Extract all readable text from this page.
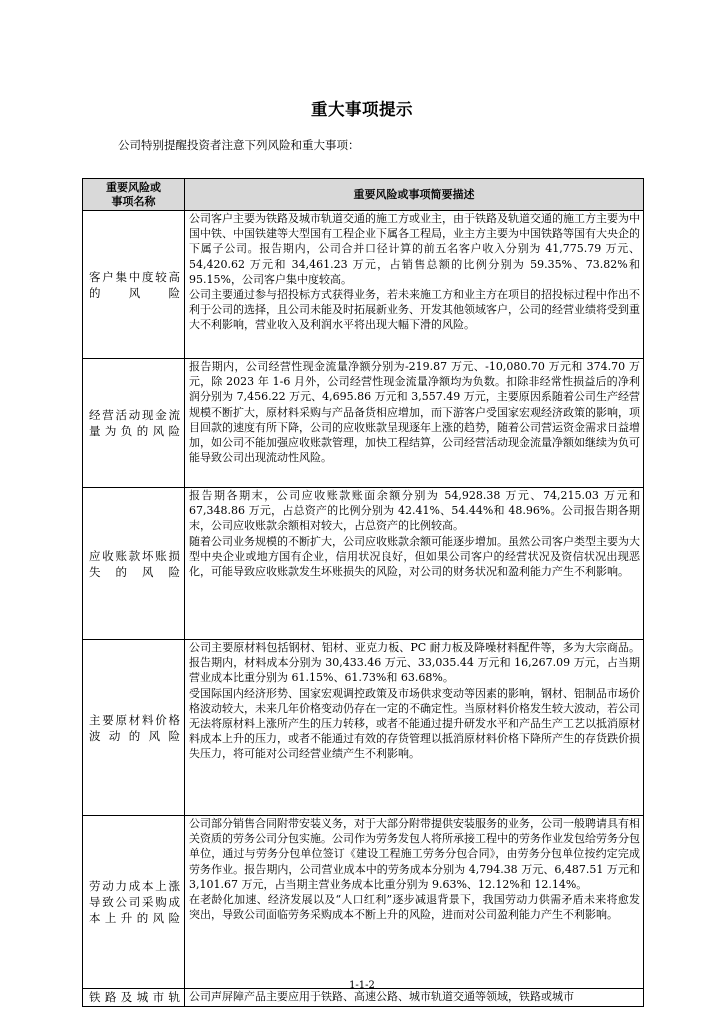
重大事项提示
公司特别提醒投资者注意下列风险和重大事项：
重要风险或事项名称	重要风险或事项简要描述
客户集中度较高的风险	公司客户主要为铁路及城市轨道交通的施工方或业主，由于铁路及轨道交通的施工方主要为中国中铁、中国铁建等大型国有工程企业下属各工程局，业主方主要为中国铁路等国有大央企的下属子公司。报告期内，公司合并口径计算的前五名客户收入分别为 41,775.79 万元、54,420.62 万元和 34,461.23 万元，占销售总额的比例分别为 59.35%、73.82%和 95.15%，公司客户集中度较高。

公司主要通过参与招投标方式获得业务，若未来施工方和业主方在项目的招投标过程中作出不利于公司的选择，且公司未能及时拓展新业务、开发其他领域客户，公司的经营业绩将受到重大不利影响，营业收入及利润水平将出现大幅下滑的风险。

经营活动现金流量为负的风险	报告期内，公司经营性现金流量净额分别为-219.87 万元、-10,080.70 万元和 374.70 万元，除 2023 年 1-6 月外，公司经营性现金流量净额均为负数。扣除非经常性损益后的净利润分别为 7,456.22 万元、4,695.86 万元和 3,557.49 万元，主要原因系随着公司生产经营规模不断扩大，原材料采购与产品备货相应增加，而下游客户受国家宏观经济政策的影响，项目回款的速度有所下降，公司的应收账款呈现逐年上涨的趋势，随着公司营运资金需求日益增加，如公司不能加强应收账款管理，加快工程结算，公司经营活动现金流量净额如继续为负可能导致公司出现流动性风险。

应收账款坏账损失的风险	报告期各期末，公司应收账款账面余额分别为 54,928.38 万元、74,215.03 万元和 67,348.86 万元，占总资产的比例分别为 42.41%、54.44%和 48.96%。公司报告期各期末，公司应收账款余额相对较大，占总资产的比例较高。

随着公司业务规模的不断扩大，公司应收账款余额可能逐步增加。虽然公司客户类型主要为大型中央企业或地方国有企业，信用状况良好，但如果公司客户的经营状况及资信状况出现恶化，可能导致应收账款发生坏账损失的风险，对公司的财务状况和盈利能力产生不利影响。

主要原材料价格波动的风险	公司主要原材料包括钢材、铝材、亚克力板、PC 耐力板及降噪材料配件等，多为大宗商品。报告期内，材料成本分别为 30,433.46 万元、33,035.44 万元和 16,267.09 万元，占当期营业成本比重分别为 61.15%、61.73%和 63.68%。

受国际国内经济形势、国家宏观调控政策及市场供求变动等因素的影响，钢材、铝制品市场价格波动较大，未来几年价格变动仍存在一定的不确定性。当原材料价格发生较大波动，若公司无法将原材料上涨所产生的压力转移，或者不能通过提升研发水平和产品生产工艺以抵消原材料成本上升的压力，或者不能通过有效的存货管理以抵消原材料价格下降所产生的存货跌价损失压力，将可能对公司经营业绩产生不利影响。

劳动力成本上涨导致公司采购成本上升的风险	公司部分销售合同附带安装义务，对于大部分附带提供安装服务的业务，公司一般聘请具有相关资质的劳务公司分包实施。公司作为劳务发包人将所承接工程中的劳务作业发包给劳务分包单位，通过与劳务分包单位签订《建设工程施工劳务分包合同》，由劳务分包单位按约定完成劳务作业。报告期内，公司营业成本中的劳务成本分别为 4,794.38 万元、6,487.51 万元和 3,101.67 万元，占当期主营业务成本比重分别为 9.63%、12.12%和 12.14%。

在老龄化加速、经济发展以及“人口红利”逐步减退背景下，我国劳动力供需矛盾未来将愈发突出，导致公司面临劳务采购成本不断上升的风险，进而对公司盈利能力产生不利影响。

铁路及城市轨	公司声屏障产品主要应用于铁路、高速公路、城市轨道交通等领域，铁路或城市

1-1-2
